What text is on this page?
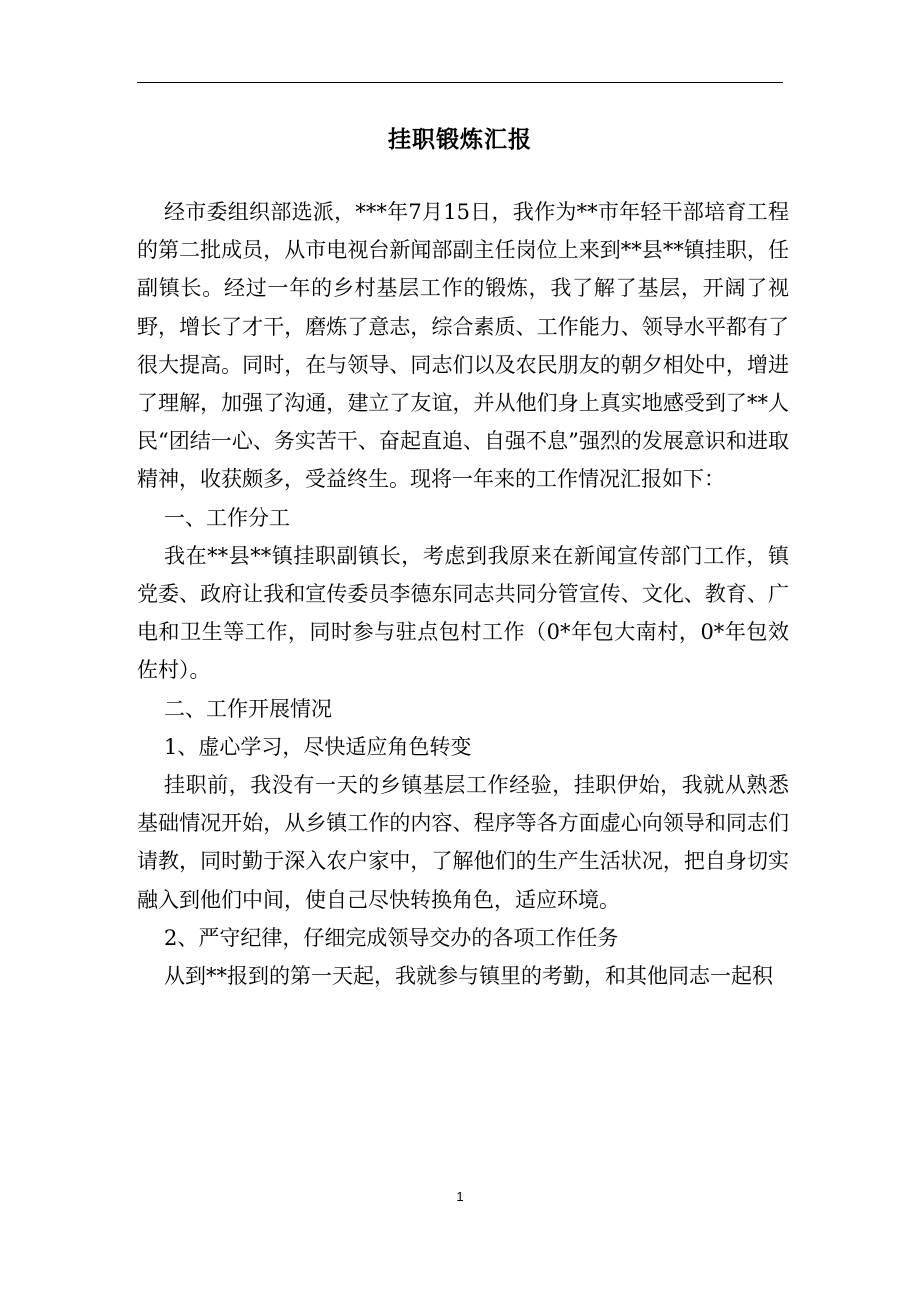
挂职锻炼汇报

经市委组织部选派，***年7月15日，我作为**市年轻干部培育工程的第二批成员，从市电视台新闻部副主任岗位上来到**县**镇挂职，任副镇长。经过一年的乡村基层工作的锻炼，我了解了基层，开阔了视野，增长了才干，磨炼了意志，综合素质、工作能力、领导水平都有了很大提高。同时，在与领导、同志们以及农民朋友的朝夕相处中，增进了理解，加强了沟通，建立了友谊，并从他们身上真实地感受到了**人民“团结一心、务实苦干、奋起直追、自强不息”强烈的发展意识和进取精神，收获颇多，受益终生。现将一年来的工作情况汇报如下：

一、工作分工

我在**县**镇挂职副镇长，考虑到我原来在新闻宣传部门工作，镇党委、政府让我和宣传委员李德东同志共同分管宣传、文化、教育、广电和卫生等工作，同时参与驻点包村工作（0*年包大南村，0*年包效佐村）。

二、工作开展情况

1、虚心学习，尽快适应角色转变

挂职前，我没有一天的乡镇基层工作经验，挂职伊始，我就从熟悉基础情况开始，从乡镇工作的内容、程序等各方面虚心向领导和同志们请教，同时勤于深入农户家中，了解他们的生产生活状况，把自身切实融入到他们中间，使自己尽快转换角色，适应环境。

2、严守纪律，仔细完成领导交办的各项工作任务

从到**报到的第一天起，我就参与镇里的考勤，和其他同志一起积

1
